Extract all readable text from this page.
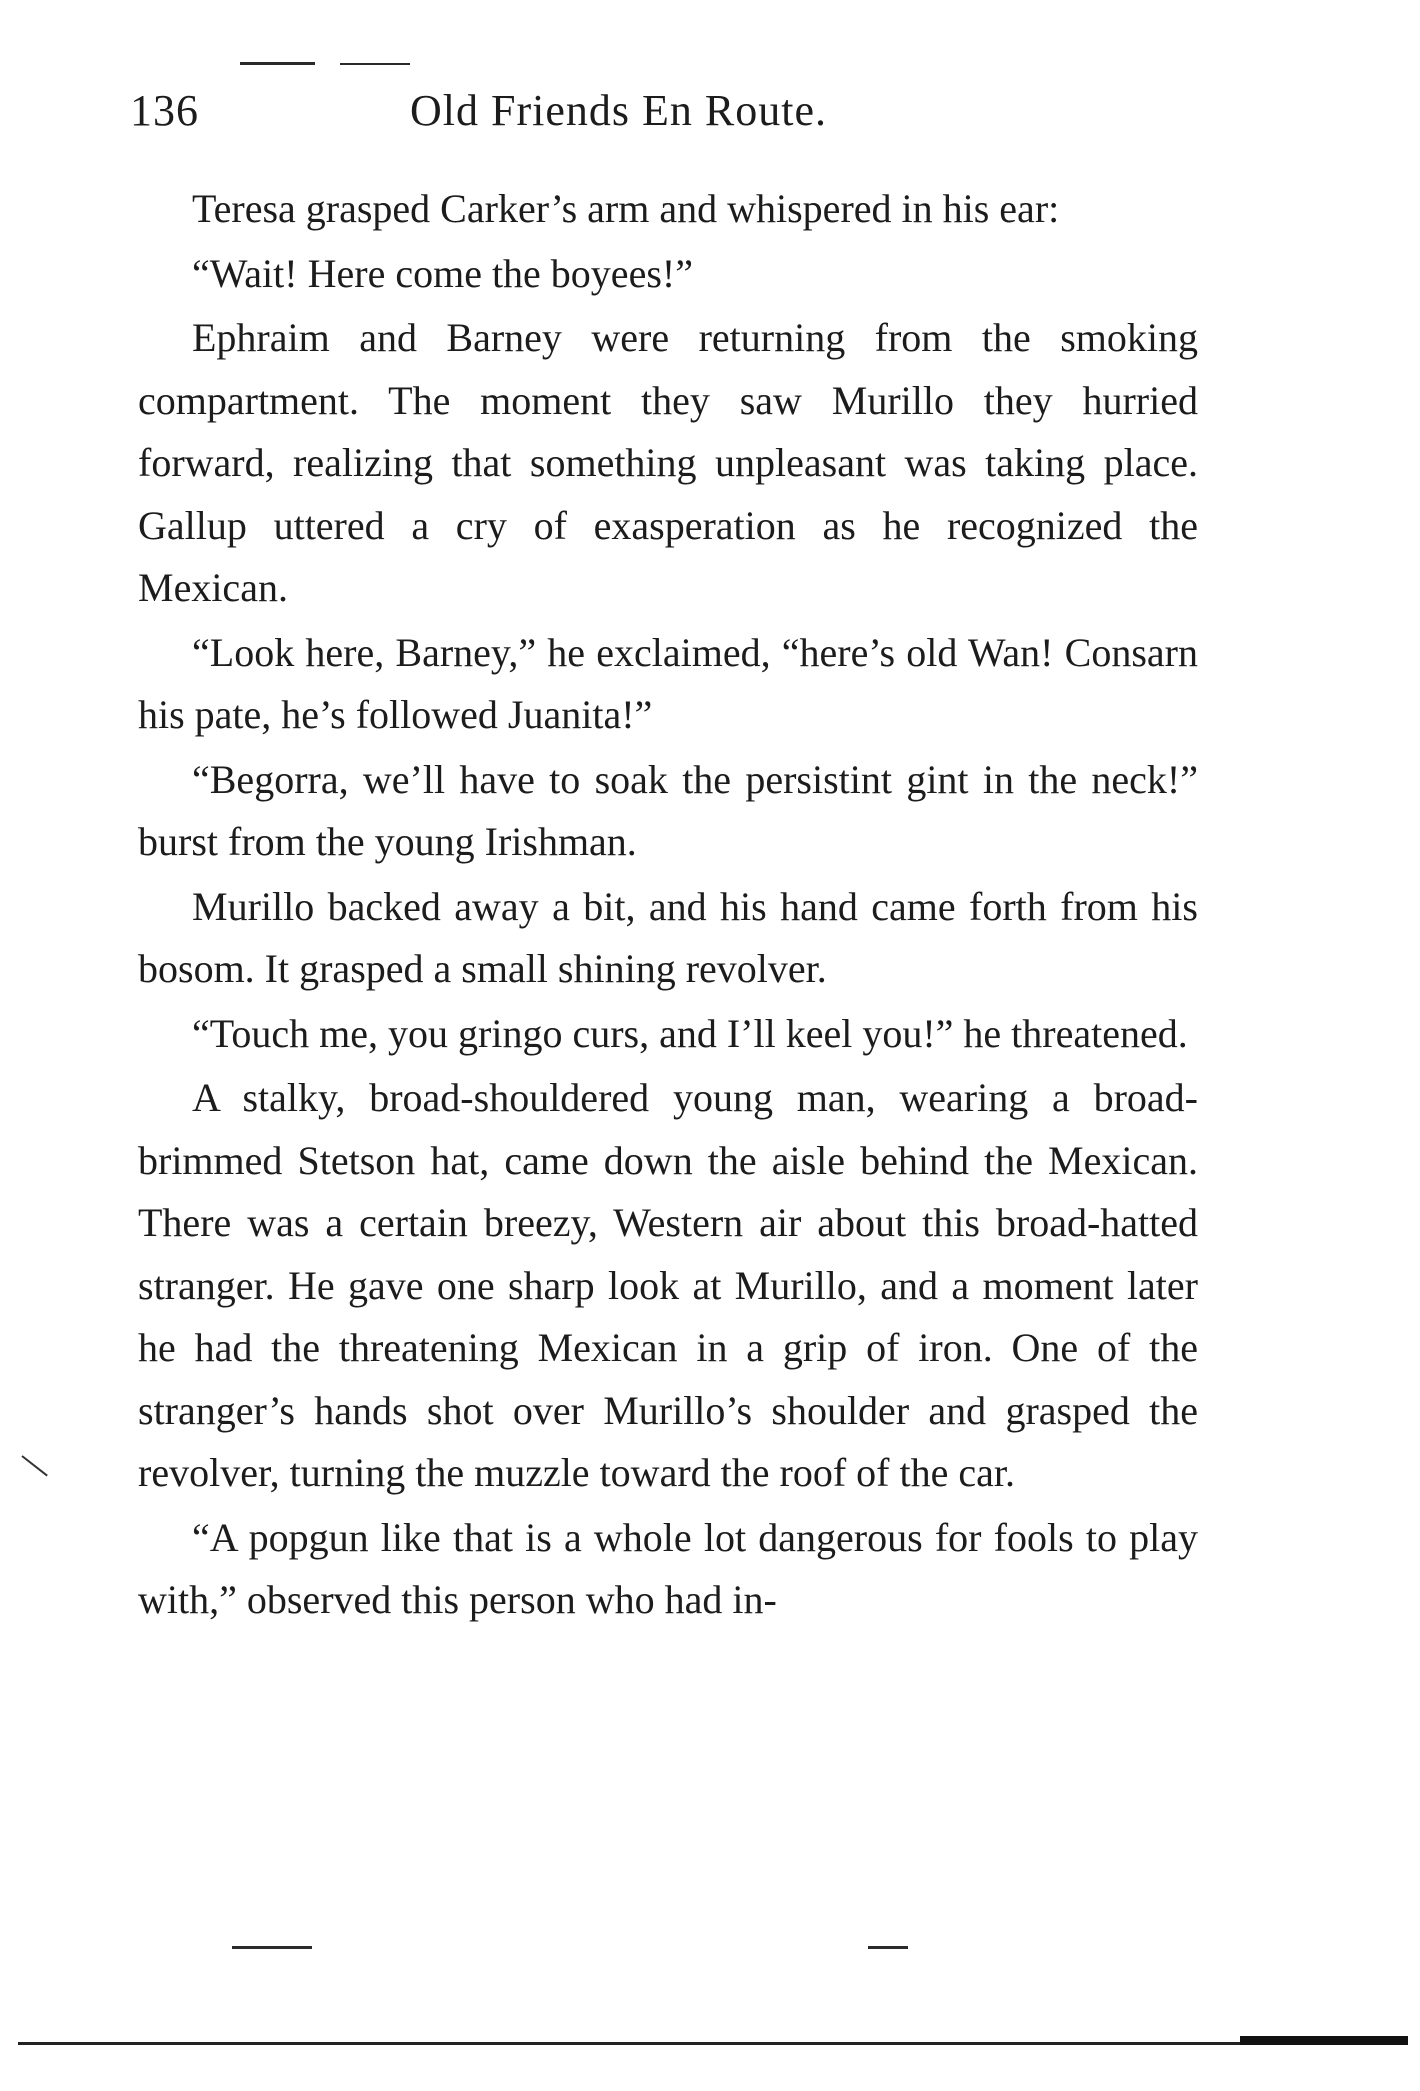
136	Old Friends En Route.

Teresa grasped Carker’s arm and whispered in his ear:

“Wait! Here come the boyees!”

Ephraim and Barney were returning from the smoking compartment. The moment they saw Murillo they hurried forward, realizing that something unpleasant was taking place. Gallup uttered a cry of exasperation as he recognized the Mexican.

“Look here, Barney,” he exclaimed, “here’s old Wan! Consarn his pate, he’s followed Juanita!”

“Begorra, we’ll have to soak the persistint gint in the neck!” burst from the young Irishman.

Murillo backed away a bit, and his hand came forth from his bosom. It grasped a small shining revolver.

“Touch me, you gringo curs, and I’ll keel you!” he threatened.

A stalky, broad-shouldered young man, wearing a broad-brimmed Stetson hat, came down the aisle behind the Mexican. There was a certain breezy, Western air about this broad-hatted stranger. He gave one sharp look at Murillo, and a moment later he had the threatening Mexican in a grip of iron. One of the stranger’s hands shot over Murillo’s shoulder and grasped the revolver, turning the muzzle toward the roof of the car.

“A popgun like that is a whole lot dangerous for fools to play with,” observed this person who had in-
